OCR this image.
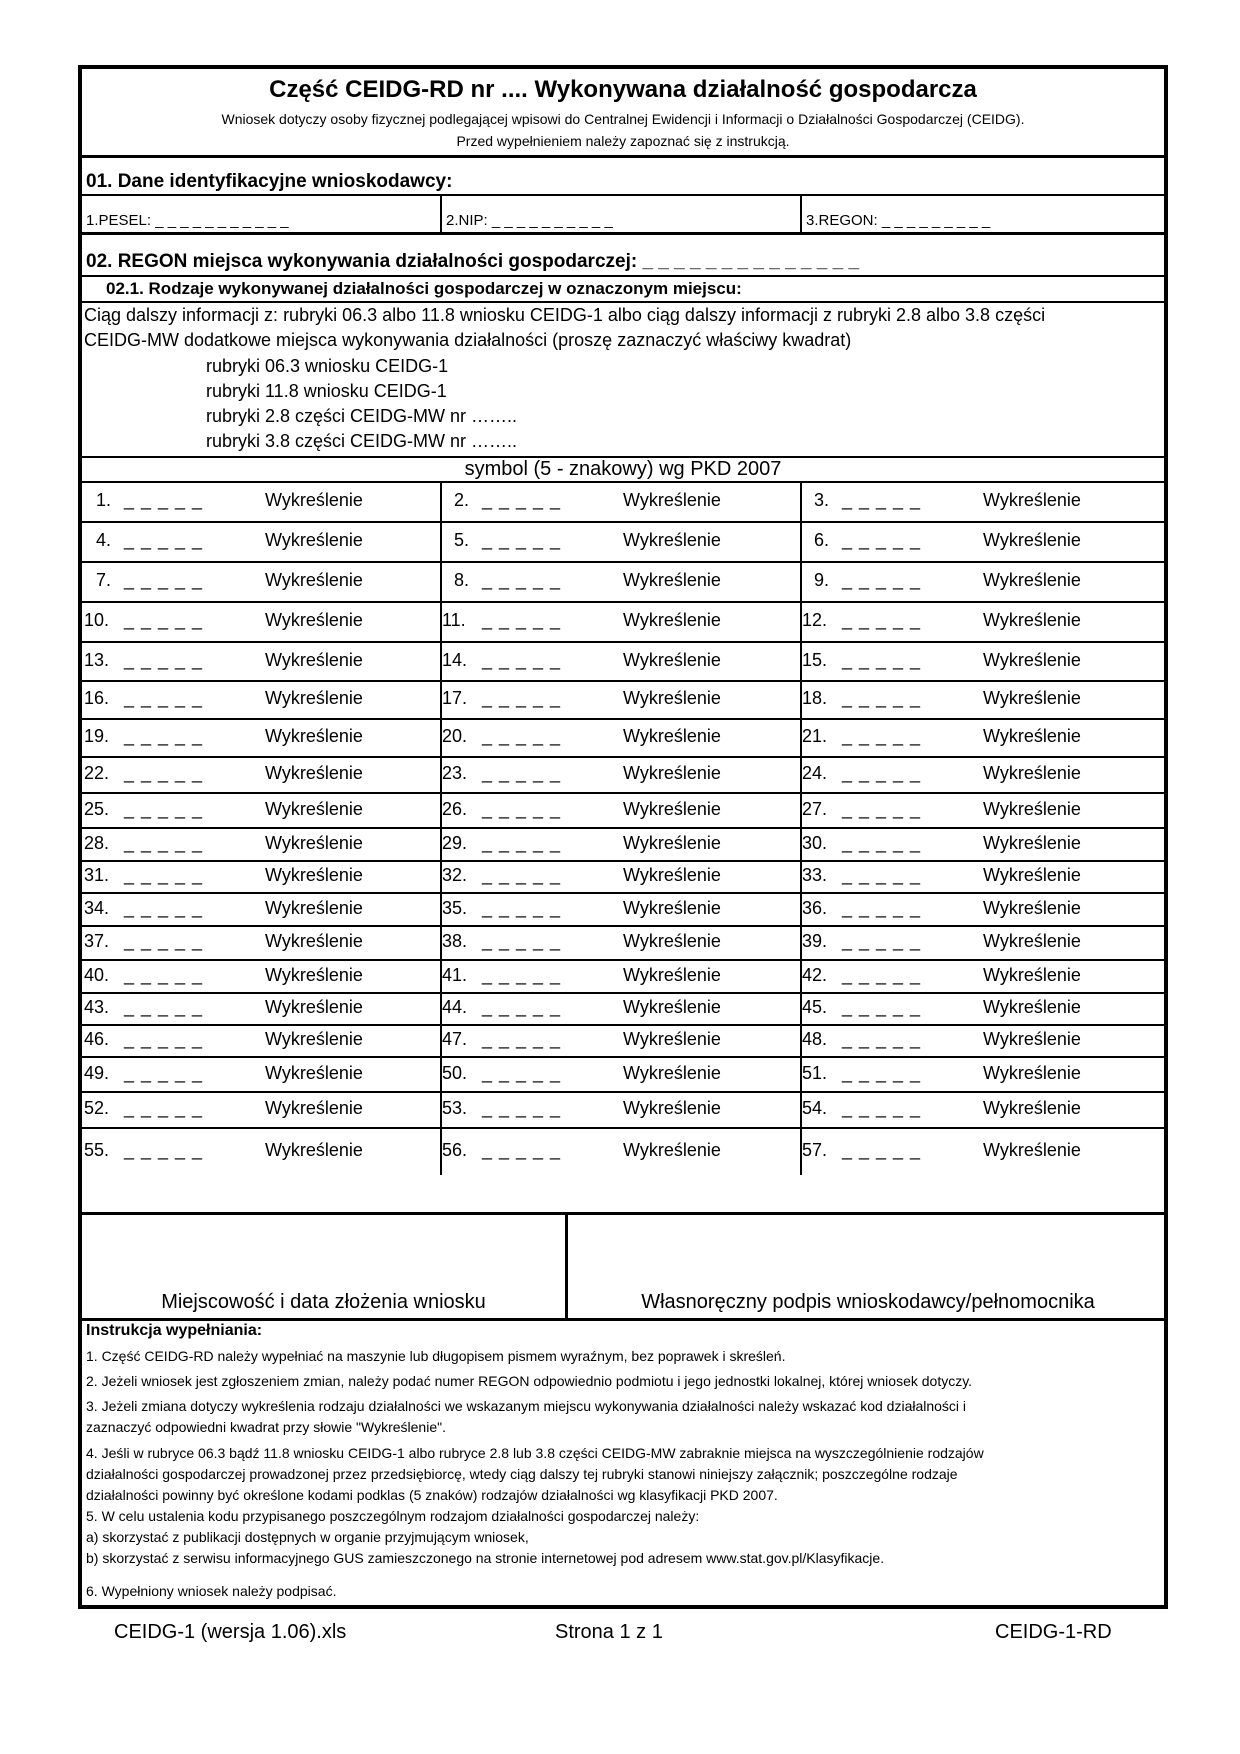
Część CEIDG-RD nr .... Wykonywana działalność gospodarcza
Wniosek dotyczy osoby fizycznej podlegającej wpisowi do Centralnej Ewidencji i Informacji o Działalności Gospodarczej (CEIDG).
Przed wypełnieniem należy zapoznać się z instrukcją.
01. Dane identyfikacyjne wnioskodawcy:
1.PESEL: _ _ _ _ _ _ _ _ _ _ _	2.NIP: _ _ _ _ _ _ _ _ _ _	3.REGON: _ _ _ _ _ _ _ _ _
02. REGON miejsca wykonywania działalności gospodarczej: _ _ _ _ _ _ _ _ _ _ _ _ _ _
02.1. Rodzaje wykonywanej działalności gospodarczej w oznaczonym miejscu:
Ciąg dalszy informacji z: rubryki 06.3 albo 11.8 wniosku CEIDG-1 albo ciąg dalszy informacji z rubryki 2.8 albo 3.8 części
CEIDG-MW dodatkowe miejsca wykonywania działalności (proszę zaznaczyć właściwy kwadrat)
rubryki 06.3 wniosku CEIDG-1
rubryki 11.8 wniosku CEIDG-1
rubryki 2.8 części CEIDG-MW nr ……..
rubryki 3.8 części CEIDG-MW nr ……..
symbol (5 - znakowy) wg PKD 2007
1. _ _ _ _ _	Wykreślenie	2. _ _ _ _ _	Wykreślenie	3. _ _ _ _ _	Wykreślenie
4. _ _ _ _ _	Wykreślenie	5. _ _ _ _ _	Wykreślenie	6. _ _ _ _ _	Wykreślenie
7. _ _ _ _ _	Wykreślenie	8. _ _ _ _ _	Wykreślenie	9. _ _ _ _ _	Wykreślenie
10. _ _ _ _ _	Wykreślenie	11. _ _ _ _ _	Wykreślenie	12. _ _ _ _ _	Wykreślenie
13. _ _ _ _ _	Wykreślenie	14. _ _ _ _ _	Wykreślenie	15. _ _ _ _ _	Wykreślenie
16. _ _ _ _ _	Wykreślenie	17. _ _ _ _ _	Wykreślenie	18. _ _ _ _ _	Wykreślenie
19. _ _ _ _ _	Wykreślenie	20. _ _ _ _ _	Wykreślenie	21. _ _ _ _ _	Wykreślenie
22. _ _ _ _ _	Wykreślenie	23. _ _ _ _ _	Wykreślenie	24. _ _ _ _ _	Wykreślenie
25. _ _ _ _ _	Wykreślenie	26. _ _ _ _ _	Wykreślenie	27. _ _ _ _ _	Wykreślenie
28. _ _ _ _ _	Wykreślenie	29. _ _ _ _ _	Wykreślenie	30. _ _ _ _ _	Wykreślenie
31. _ _ _ _ _	Wykreślenie	32. _ _ _ _ _	Wykreślenie	33. _ _ _ _ _	Wykreślenie
34. _ _ _ _ _	Wykreślenie	35. _ _ _ _ _	Wykreślenie	36. _ _ _ _ _	Wykreślenie
37. _ _ _ _ _	Wykreślenie	38. _ _ _ _ _	Wykreślenie	39. _ _ _ _ _	Wykreślenie
40. _ _ _ _ _	Wykreślenie	41. _ _ _ _ _	Wykreślenie	42. _ _ _ _ _	Wykreślenie
43. _ _ _ _ _	Wykreślenie	44. _ _ _ _ _	Wykreślenie	45. _ _ _ _ _	Wykreślenie
46. _ _ _ _ _	Wykreślenie	47. _ _ _ _ _	Wykreślenie	48. _ _ _ _ _	Wykreślenie
49. _ _ _ _ _	Wykreślenie	50. _ _ _ _ _	Wykreślenie	51. _ _ _ _ _	Wykreślenie
52. _ _ _ _ _	Wykreślenie	53. _ _ _ _ _	Wykreślenie	54. _ _ _ _ _	Wykreślenie
55. _ _ _ _ _	Wykreślenie	56. _ _ _ _ _	Wykreślenie	57. _ _ _ _ _	Wykreślenie
Miejscowość i data złożenia wniosku	Własnoręczny podpis wnioskodawcy/pełnomocnika
Instrukcja wypełniania:
1. Część CEIDG-RD należy wypełniać na maszynie lub długopisem pismem wyraźnym, bez poprawek i skreśleń.
2. Jeżeli wniosek jest zgłoszeniem zmian, należy podać numer REGON odpowiednio podmiotu i jego jednostki lokalnej, której wniosek dotyczy.
3. Jeżeli zmiana dotyczy wykreślenia rodzaju działalności we wskazanym miejscu wykonywania działalności należy wskazać kod działalności i
zaznaczyć odpowiedni kwadrat przy słowie "Wykreślenie".
4. Jeśli w rubryce 06.3 bądź 11.8 wniosku CEIDG-1 albo rubryce 2.8 lub 3.8 części CEIDG-MW zabraknie miejsca na wyszczególnienie rodzajów
działalności gospodarczej prowadzonej przez przedsiębiorcę, wtedy ciąg dalszy tej rubryki stanowi niniejszy załącznik; poszczególne rodzaje
działalności powinny być określone kodami podklas (5 znaków) rodzajów działalności wg klasyfikacji PKD 2007.
5. W celu ustalenia kodu przypisanego poszczególnym rodzajom działalności gospodarczej należy:
a) skorzystać z publikacji dostępnych w organie przyjmującym wniosek,
b) skorzystać z serwisu informacyjnego GUS zamieszczonego na stronie internetowej pod adresem www.stat.gov.pl/Klasyfikacje.
6. Wypełniony wniosek należy podpisać.
CEIDG-1 (wersja 1.06).xls	Strona 1 z 1	CEIDG-1-RD
